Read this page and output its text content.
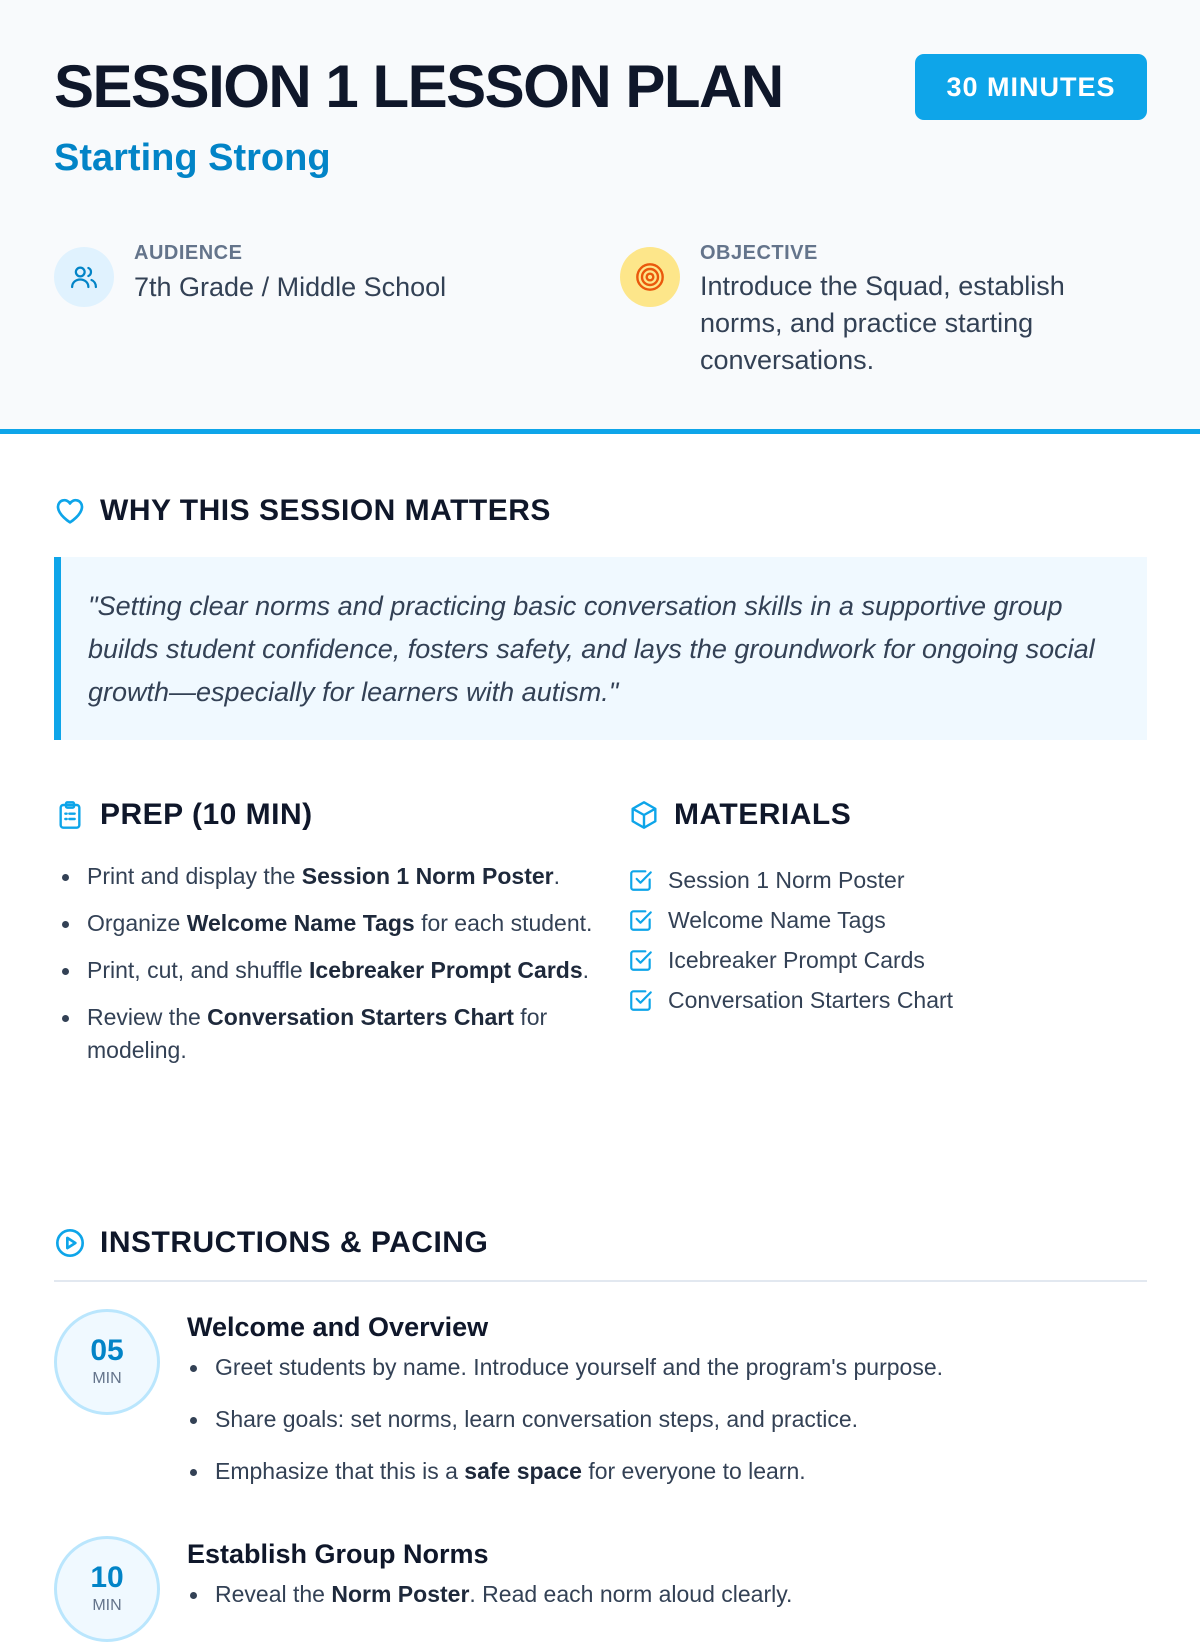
SESSION 1 LESSON PLAN
Starting Strong
30 MINUTES
AUDIENCE
7th Grade / Middle School
OBJECTIVE
Introduce the Squad, establish norms, and practice starting conversations.
WHY THIS SESSION MATTERS

"Setting clear norms and practicing basic conversation skills in a supportive group builds student confidence, fosters safety, and lays the groundwork for ongoing social growth—especially for learners with autism."

PREP (10 MIN)
Print and display the Session 1 Norm Poster.
Organize Welcome Name Tags for each student.
Print, cut, and shuffle Icebreaker Prompt Cards.
Review the Conversation Starters Chart for modeling.
MATERIALS
Session 1 Norm Poster
Welcome Name Tags
Icebreaker Prompt Cards
Conversation Starters Chart
INSTRUCTIONS & PACING
05
MIN
Welcome and Overview
Greet students by name. Introduce yourself and the program's purpose.
Share goals: set norms, learn conversation steps, and practice.
Emphasize that this is a safe space for everyone to learn.
10
MIN
Establish Group Norms
Reveal the Norm Poster. Read each norm aloud clearly.
